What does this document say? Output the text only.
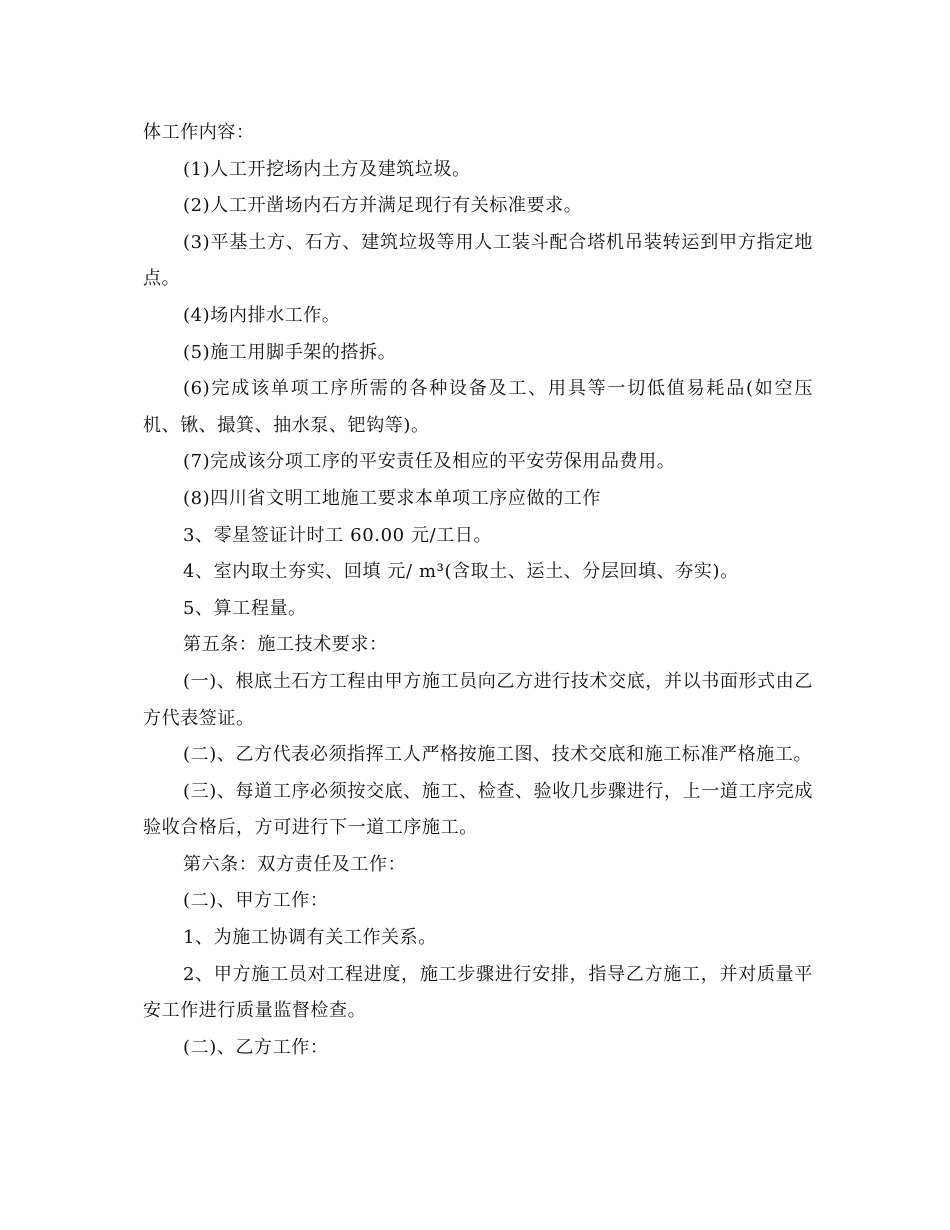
体工作内容：

(1)人工开挖场内土方及建筑垃圾。

(2)人工开凿场内石方并满足现行有关标准要求。

(3)平基土方、石方、建筑垃圾等用人工装斗配合塔机吊装转运到甲方指定地点。

(4)场内排水工作。

(5)施工用脚手架的搭拆。

(6)完成该单项工序所需的各种设备及工、用具等一切低值易耗品(如空压机、锹、撮箕、抽水泵、钯钩等)。

(7)完成该分项工序的平安责任及相应的平安劳保用品费用。

(8)四川省文明工地施工要求本单项工序应做的工作

3、零星签证计时工 60.00 元/工日。

4、室内取土夯实、回填 元/ m³(含取土、运土、分层回填、夯实)。

5、算工程量。

第五条：施工技术要求：

(一)、根底土石方工程由甲方施工员向乙方进行技术交底，并以书面形式由乙方代表签证。

(二)、乙方代表必须指挥工人严格按施工图、技术交底和施工标准严格施工。

(三)、每道工序必须按交底、施工、检查、验收几步骤进行，上一道工序完成验收合格后，方可进行下一道工序施工。

第六条：双方责任及工作：

(二)、甲方工作：

1、为施工协调有关工作关系。

2、甲方施工员对工程进度，施工步骤进行安排，指导乙方施工，并对质量平安工作进行质量监督检查。

(二)、乙方工作：
